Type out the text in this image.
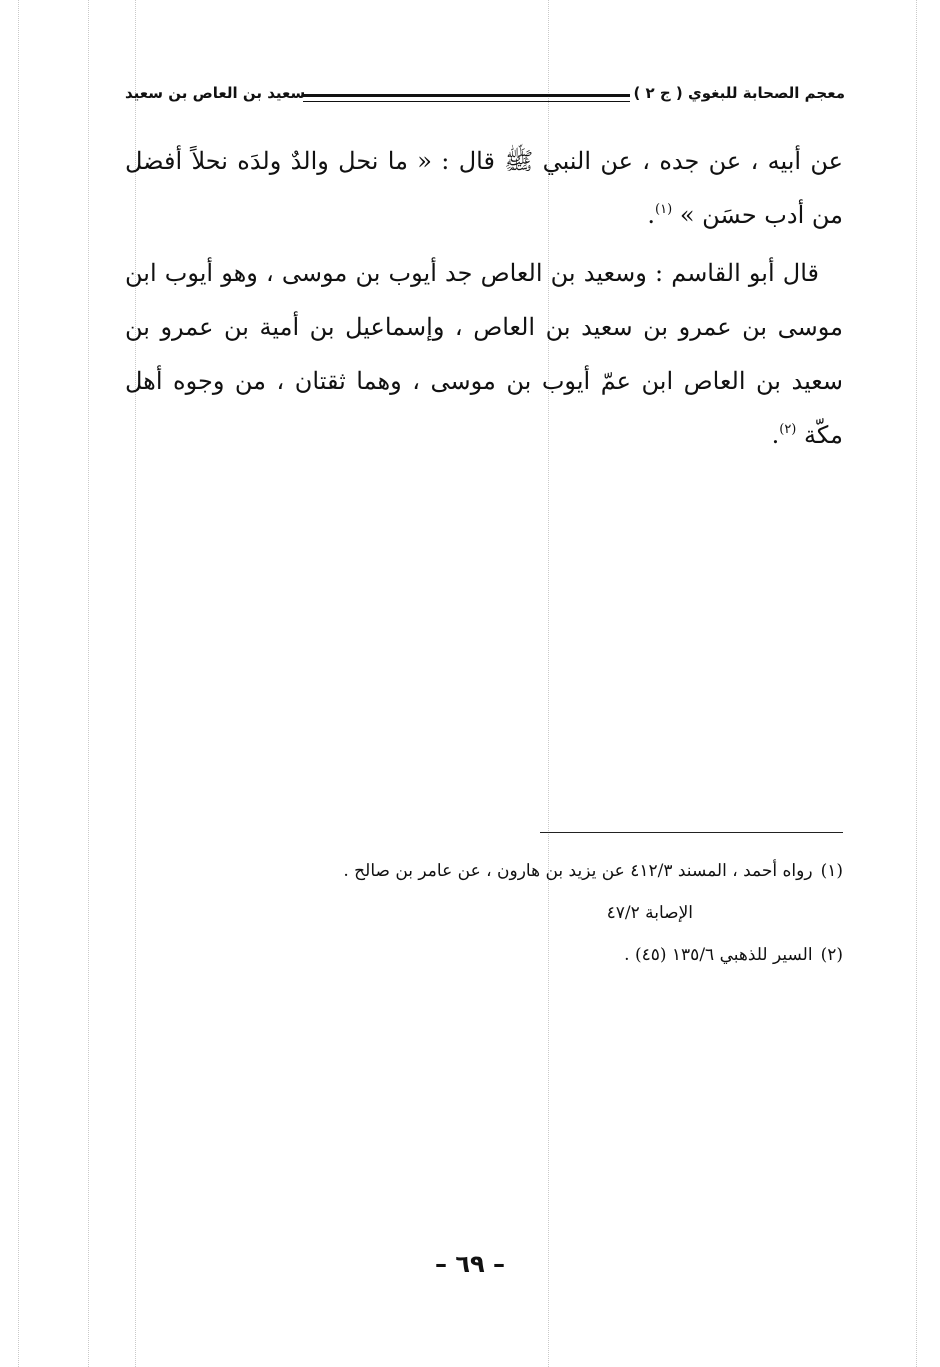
معجم الصحابة للبغوي ( ج ٢ )
سعيد بن العاص بن سعيد

عن أبيه ، عن جده ، عن النبي ﷺ قال : « ما نحل والدٌ ولدَه نحلاً أفضل من أدب حسَن » $^{(١)}$.

قال أبو القاسم : وسعيد بن العاص جد أيوب بن موسى ، وهو أيوب ابن موسى بن عمرو بن سعيد بن العاص ، وإسماعيل بن أمية بن عمرو بن سعيد بن العاص ابن عمّ أيوب بن موسى ، وهما ثقتان ، من وجوه أهل مكّة $^{(٢)}$.

(١)رواه أحمد ، المسند ٤١٢/٣ عن يزيد بن هارون ، عن عامر بن صالح .

الإصابة ٤٧/٢

(٢)السير للذهبي ١٣٥/٦ (٤٥) .

– ٦٩ –
